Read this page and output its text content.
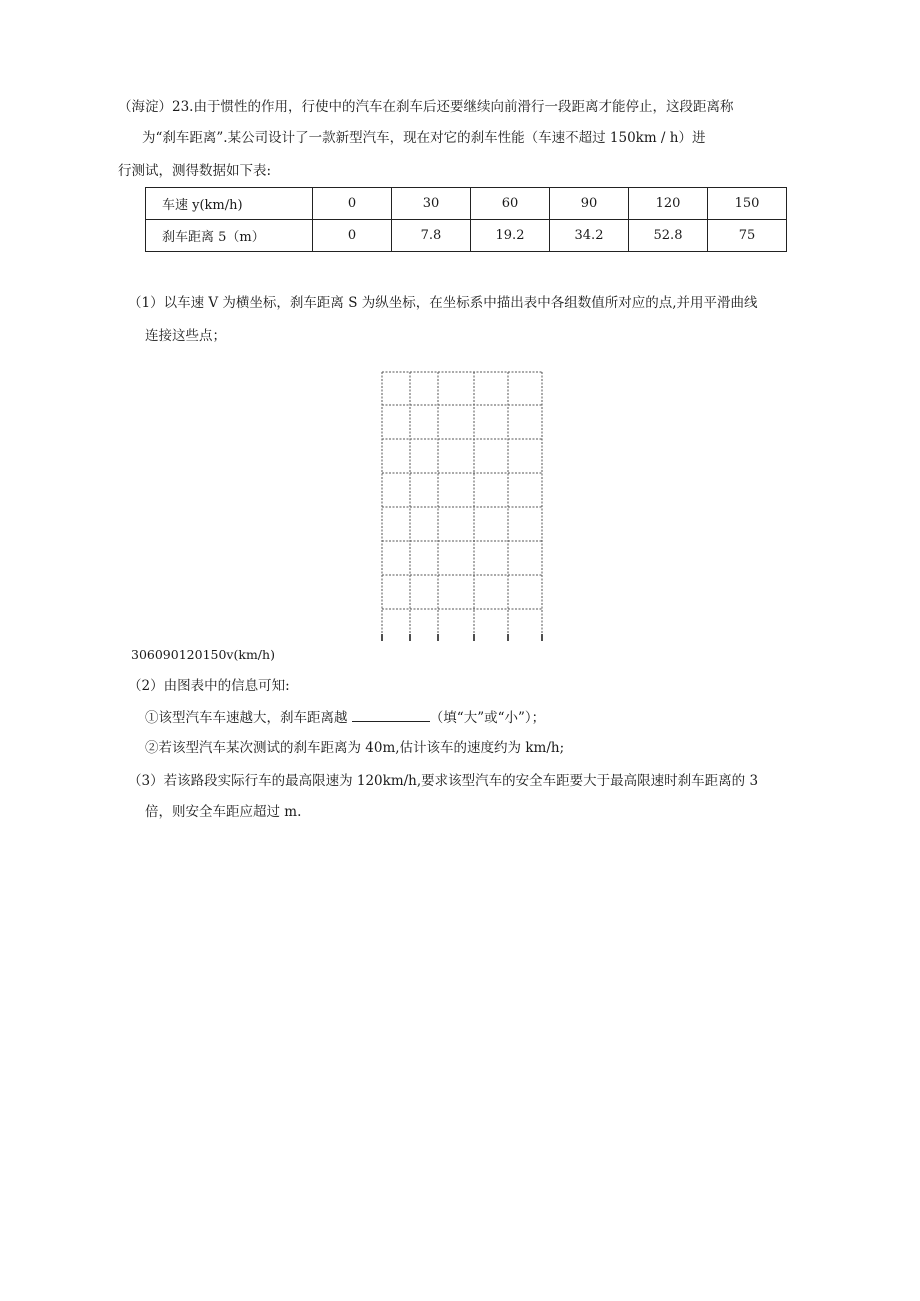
（海淀）23.由于惯性的作用，行使中的汽车在刹车后还要继续向前滑行一段距离才能停止，这段距离称
为“刹车距离”.某公司设计了一款新型汽车，现在对它的刹车性能（车速不超过 150km / h）进
行测试，测得数据如下表:
车速 y(km/h)	0	30	60	90	120	150
刹车距离 5（m）	0	7.8	19.2	34.2	52.8	75
（1）以车速 V 为横坐标，刹车距离 S 为纵坐标，在坐标系中描出表中各组数值所对应的点,并用平滑曲线
连接这些点；
306090120150v(km/h)
（2）由图表中的信息可知:
①该型汽车车速越大，刹车距离越	（填“大”或“小”）；
②若该型汽车某次测试的刹车距离为 40m,估计该车的速度约为 km/h;
（3）若该路段实际行车的最高限速为 120km/h,要求该型汽车的安全车距要大于最高限速时刹车距离的 3
倍，则安全车距应超过 m.
